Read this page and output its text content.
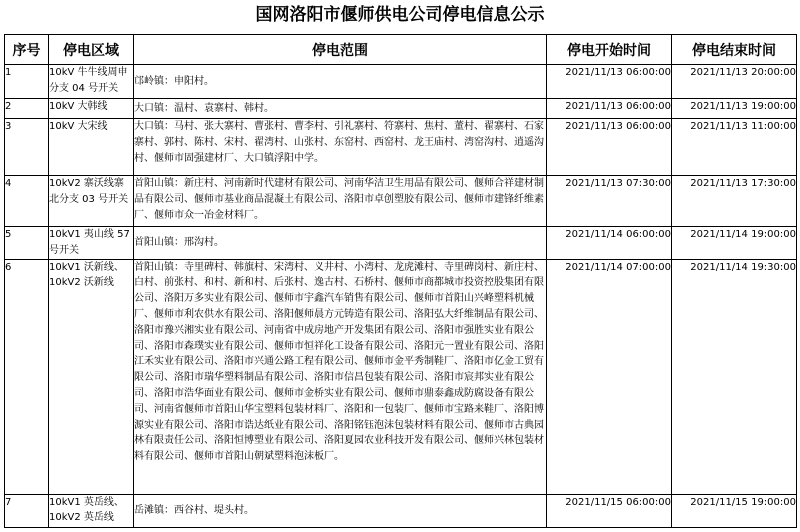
国网洛阳市偃师供电公司停电信息公示
序号	停电区域	停电范围	停电开始时间	停电结束时间
1	10kV 牛牛线周申分支 04 号开关	邙岭镇：申阳村。	2021/11/13 06:00:00	2021/11/13 20:00:00
2	10kV 大韩线	大口镇：温村、袁寨村、韩村。	2021/11/13 06:00:00	2021/11/13 19:00:00
3	10kV 大宋线	大口镇：马村、张大寨村、曹张村、曹李村、引礼寨村、符寨村、焦村、董村、翟寨村、石家寨村、郭村、陈村、宋村、翟湾村、山张村、东窑村、西窑村、龙王庙村、湾窑沟村、逍遥沟村、偃师市固强建材厂、大口镇浮阳中学。	2021/11/13 06:00:00	2021/11/13 11:00:00
4	10kV2 寨沃线寨北分支 03 号开关	首阳山镇：新庄村、河南新时代建材有限公司、河南华洁卫生用品有限公司、偃师合祥建材制品有限公司、偃师市基业商品混凝土有限公司、洛阳市卓创塑胶有限公司、偃师市建锋纤维素厂、偃师市众一冶金材料厂。	2021/11/13 07:30:00	2021/11/13 17:30:00
5	10kV1 夷山线 57 号开关	首阳山镇：邢沟村。	2021/11/14 06:00:00	2021/11/14 19:00:00
6	10kV1 沃新线、10kV2 沃新线	首阳山镇：寺里碑村、韩旗村、宋湾村、义井村、小湾村、龙虎滩村、寺里碑岗村、新庄村、白村、前张村、和村、新和村、后张村、逸古村、石桥村、偃师市商都城市投资控股集团有限公司、洛阳万多实业有限公司、偃师市宇鑫汽车销售有限公司、偃师市首阳山兴峰塑料机械厂、偃师市利农供水有限公司、洛阳偃师晨方元铸造有限公司、洛阳弘大纤维制品有限公司、洛阳市豫兴湘实业有限公司、河南省中成房地产开发集团有限公司、洛阳市强胜实业有限公司、洛阳市森璞实业有限公司、偃师市恒祥化工设备有限公司、洛阳元一置业有限公司、洛阳江禾实业有限公司、洛阳市兴通公路工程有限公司、偃师市金平秀制鞋厂、洛阳市亿金工贸有限公司、洛阳市瑞华塑料制品有限公司、洛阳市信昌包装有限公司、洛阳市宸邦实业有限公司、洛阳市浩华面业有限公司、偃师市金桥实业有限公司、偃师市鼎泰鑫成防腐设备有限公司、河南省偃师市首阳山华宝塑料包装材料厂、洛阳和一包装厂、偃师市宝路来鞋厂、洛阳博源实业有限公司、洛阳市诰达纸业有限公司、洛阳铭钰泡沫包装材料有限公司、偃师市古典园林有限责任公司、洛阳恒博塑业有限公司、洛阳夏园农业科技开发有限公司、偃师兴林包装材料有限公司、偃师市首阳山朝斌塑料泡沫板厂。	2021/11/14 07:00:00	2021/11/14 19:30:00
7	10kV1 英岳线、10kV2 英岳线	岳滩镇：西谷村、堤头村。	2021/11/15 06:00:00	2021/11/15 19:00:00
